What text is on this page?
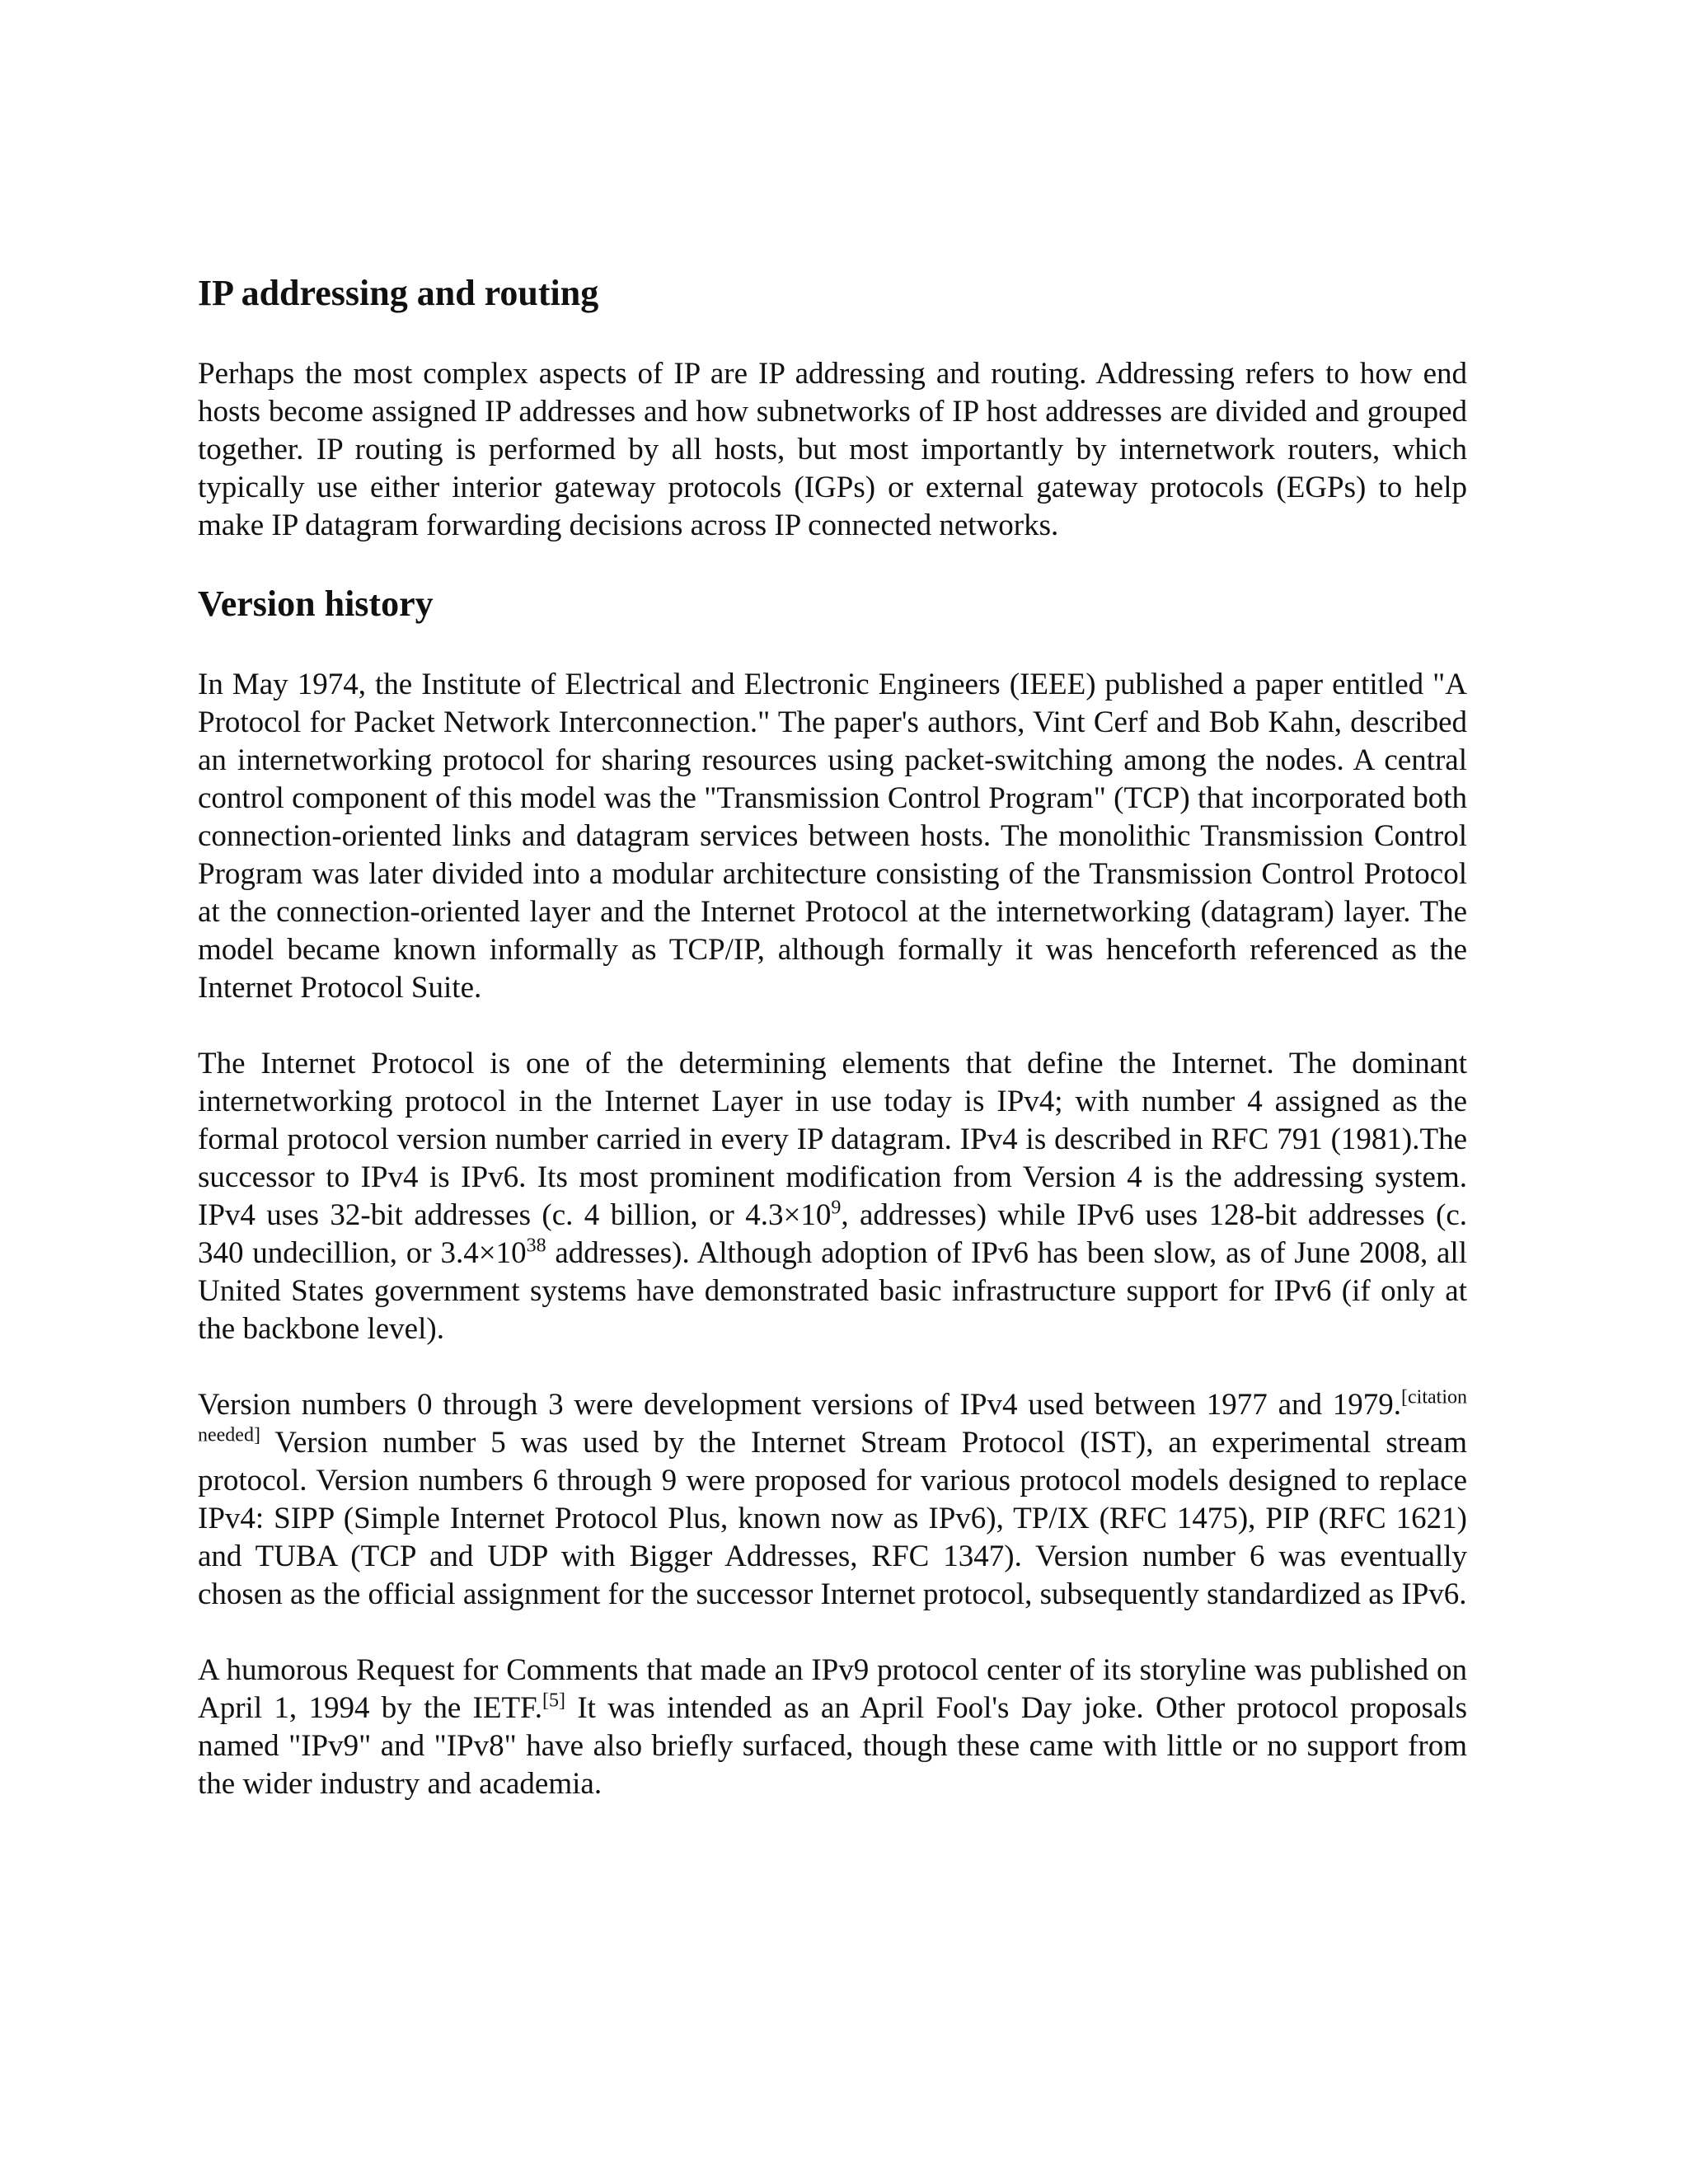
IP addressing and routing

Perhaps the most complex aspects of IP are IP addressing and routing. Addressing refers to how end hosts become assigned IP addresses and how subnetworks of IP host addresses are divided and grouped together. IP routing is performed by all hosts, but most importantly by internetwork routers, which typically use either interior gateway protocols (IGPs) or external gateway protocols (EGPs) to help make IP datagram forwarding decisions across IP connected networks.

Version history

In May 1974, the Institute of Electrical and Electronic Engineers (IEEE) published a paper entitled "A Protocol for Packet Network Interconnection." The paper's authors, Vint Cerf and Bob Kahn, described an internetworking protocol for sharing resources using packet-switching among the nodes. A central control component of this model was the "Transmission Control Program" (TCP) that incorporated both connection-oriented links and datagram services between hosts. The monolithic Transmission Control Program was later divided into a modular architecture consisting of the Transmission Control Protocol at the connection-oriented layer and the Internet Protocol at the internetworking (datagram) layer. The model became known informally as TCP/IP, although formally it was henceforth referenced as the Internet Protocol Suite.

The Internet Protocol is one of the determining elements that define the Internet. The dominant internetworking protocol in the Internet Layer in use today is IPv4; with number 4 assigned as the formal protocol version number carried in every IP datagram. IPv4 is described in RFC 791 (1981).The successor to IPv4 is IPv6. Its most prominent modification from Version 4 is the addressing system. IPv4 uses 32-bit addresses (c. 4 billion, or $4.3\times 10^9$, addresses) while IPv6 uses 128-bit addresses (c. 340 undecillion, or $3.4\times 10^{38}$ addresses). Although adoption of IPv6 has been slow, as of June 2008, all United States government systems have demonstrated basic infrastructure support for IPv6 (if only at the backbone level).

Version numbers 0 through 3 were development versions of IPv4 used between 1977 and 1979.[citation needed] Version number 5 was used by the Internet Stream Protocol (IST), an experimental stream protocol. Version numbers 6 through 9 were proposed for various protocol models designed to replace IPv4: SIPP (Simple Internet Protocol Plus, known now as IPv6), TP/IX (RFC 1475), PIP (RFC 1621) and TUBA (TCP and UDP with Bigger Addresses, RFC 1347). Version number 6 was eventually chosen as the official assignment for the successor Internet protocol, subsequently standardized as IPv6.

A humorous Request for Comments that made an IPv9 protocol center of its storyline was published on April 1, 1994 by the IETF.[5] It was intended as an April Fool's Day joke. Other protocol proposals named "IPv9" and "IPv8" have also briefly surfaced, though these came with little or no support from the wider industry and academia.
